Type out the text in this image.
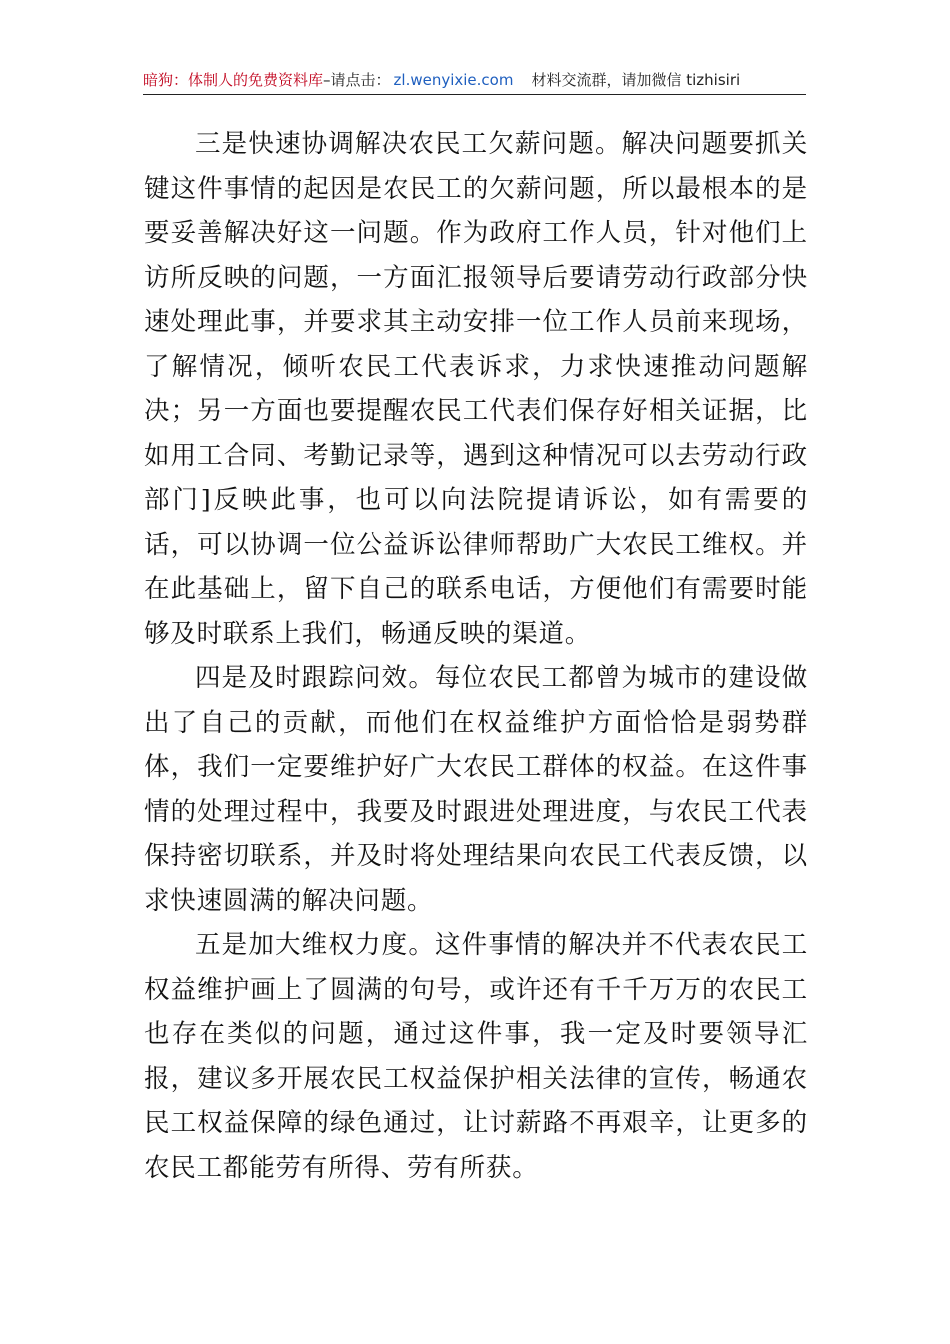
暗狗：体制人的免费资料库–请点击： zl.wenyixie.com 材料交流群，请加微信 tizhisiri

三是快速协调解决农民工欠薪问题。解决问题要抓关键这件事情的起因是农民工的欠薪问题，所以最根本的是要妥善解决好这一问题。作为政府工作人员，针对他们上访所反映的问题，一方面汇报领导后要请劳动行政部分快速处理此事，并要求其主动安排一位工作人员前来现场，了解情况，倾听农民工代表诉求，力求快速推动问题解决；另一方面也要提醒农民工代表们保存好相关证据，比如用工合同、考勤记录等，遇到这种情况可以去劳动行政部门]反映此事，也可以向法院提请诉讼，如有需要的话，可以协调一位公益诉讼律师帮助广大农民工维权。并在此基础上，留下自己的联系电话，方便他们有需要时能够及时联系上我们，畅通反映的渠道。

四是及时跟踪问效。每位农民工都曾为城市的建设做出了自己的贡献，而他们在权益维护方面恰恰是弱势群体，我们一定要维护好广大农民工群体的权益。在这件事情的处理过程中，我要及时跟进处理进度，与农民工代表保持密切联系，并及时将处理结果向农民工代表反馈，以求快速圆满的解决问题。

五是加大维权力度。这件事情的解决并不代表农民工权益维护画上了圆满的句号，或许还有千千万万的农民工也存在类似的问题，通过这件事，我一定及时要领导汇报，建议多开展农民工权益保护相关法律的宣传，畅通农民工权益保障的绿色通过，让讨薪路不再艰辛，让更多的农民工都能劳有所得、劳有所获。
